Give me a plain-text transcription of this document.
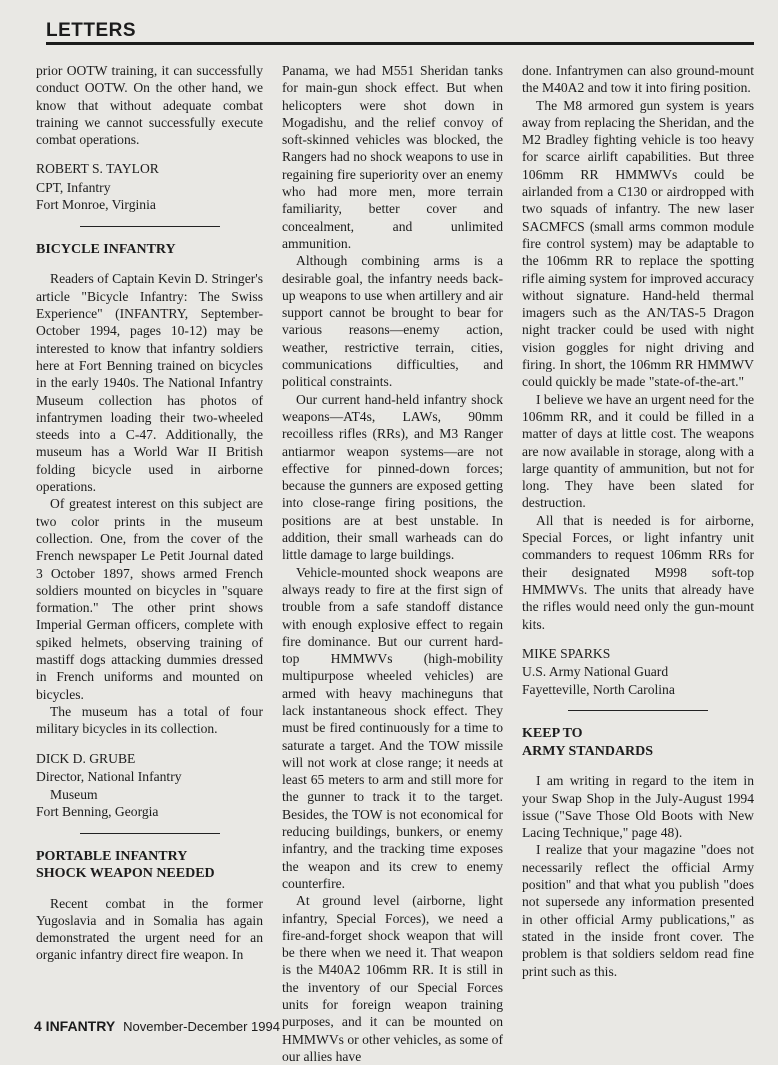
LETTERS

prior OOTW training, it can successfully conduct OOTW. On the other hand, we know that without adequate combat training we cannot successfully execute combat operations.

ROBERT S. TAYLOR
CPT, Infantry
Fort Monroe, Virginia
BICYCLE INFANTRY

Readers of Captain Kevin D. Stringer's article "Bicycle Infantry: The Swiss Experience" (INFANTRY, September-October 1994, pages 10-12) may be interested to know that infantry soldiers here at Fort Benning trained on bicycles in the early 1940s. The National Infantry Museum collection has photos of infantrymen loading their two-wheeled steeds into a C-47. Additionally, the museum has a World War II British folding bicycle used in airborne operations.

Of greatest interest on this subject are two color prints in the museum collection. One, from the cover of the French newspaper Le Petit Journal dated 3 October 1897, shows armed French soldiers mounted on bicycles in "square formation." The other print shows Imperial German officers, complete with spiked helmets, observing training of mastiff dogs attacking dummies dressed in French uniforms and mounted on bicycles.

The museum has a total of four military bicycles in its collection.

DICK D. GRUBE
Director, National Infantry
Museum
Fort Benning, Georgia
PORTABLE INFANTRY
SHOCK WEAPON NEEDED

Recent combat in the former Yugoslavia and in Somalia has again demonstrated the urgent need for an organic infantry direct fire weapon. In

Panama, we had M551 Sheridan tanks for main-gun shock effect. But when helicopters were shot down in Mogadishu, and the relief convoy of soft-skinned vehicles was blocked, the Rangers had no shock weapons to use in regaining fire superiority over an enemy who had more men, more terrain familiarity, better cover and concealment, and unlimited ammunition.

Although combining arms is a desirable goal, the infantry needs back-up weapons to use when artillery and air support cannot be brought to bear for various reasons—enemy action, weather, restrictive terrain, cities, communications difficulties, and political constraints.

Our current hand-held infantry shock weapons—AT4s, LAWs, 90mm recoilless rifles (RRs), and M3 Ranger antiarmor weapon systems—are not effective for pinned-down forces; because the gunners are exposed getting into close-range firing positions, the positions are at best unstable. In addition, their small warheads can do little damage to large buildings.

Vehicle-mounted shock weapons are always ready to fire at the first sign of trouble from a safe standoff distance with enough explosive effect to regain fire dominance. But our current hard-top HMMWVs (high-mobility multipurpose wheeled vehicles) are armed with heavy machineguns that lack instantaneous shock effect. They must be fired continuously for a time to saturate a target. And the TOW missile will not work at close range; it needs at least 65 meters to arm and still more for the gunner to track it to the target. Besides, the TOW is not economical for reducing buildings, bunkers, or enemy infantry, and the tracking time exposes the weapon and its crew to enemy counterfire.

At ground level (airborne, light infantry, Special Forces), we need a fire-and-forget shock weapon that will be there when we need it. That weapon is the M40A2 106mm RR. It is still in the inventory of our Special Forces units for foreign weapon training purposes, and it can be mounted on HMMWVs or other vehicles, as some of our allies have

done. Infantrymen can also ground-mount the M40A2 and tow it into firing position.

The M8 armored gun system is years away from replacing the Sheridan, and the M2 Bradley fighting vehicle is too heavy for scarce airlift capabilities. But three 106mm RR HMMWVs could be airlanded from a C130 or airdropped with two squads of infantry. The new laser SACMFCS (small arms common module fire control system) may be adaptable to the 106mm RR to replace the spotting rifle aiming system for improved accuracy without signature. Hand-held thermal imagers such as the AN/TAS-5 Dragon night tracker could be used with night vision goggles for night driving and firing. In short, the 106mm RR HMMWV could quickly be made "state-of-the-art."

I believe we have an urgent need for the 106mm RR, and it could be filled in a matter of days at little cost. The weapons are now available in storage, along with a large quantity of ammunition, but not for long. They have been slated for destruction.

All that is needed is for airborne, Special Forces, or light infantry unit commanders to request 106mm RRs for their designated M998 soft-top HMMWVs. The units that already have the rifles would need only the gun-mount kits.

MIKE SPARKS
U.S. Army National Guard
Fayetteville, North Carolina
KEEP TO
ARMY STANDARDS

I am writing in regard to the item in your Swap Shop in the July-August 1994 issue ("Save Those Old Boots with New Lacing Technique," page 48).

I realize that your magazine "does not necessarily reflect the official Army position" and that what you publish "does not supersede any information presented in other official Army publications," as stated in the inside front cover. The problem is that soldiers seldom read fine print such as this.

4 INFANTRY November-December 1994
